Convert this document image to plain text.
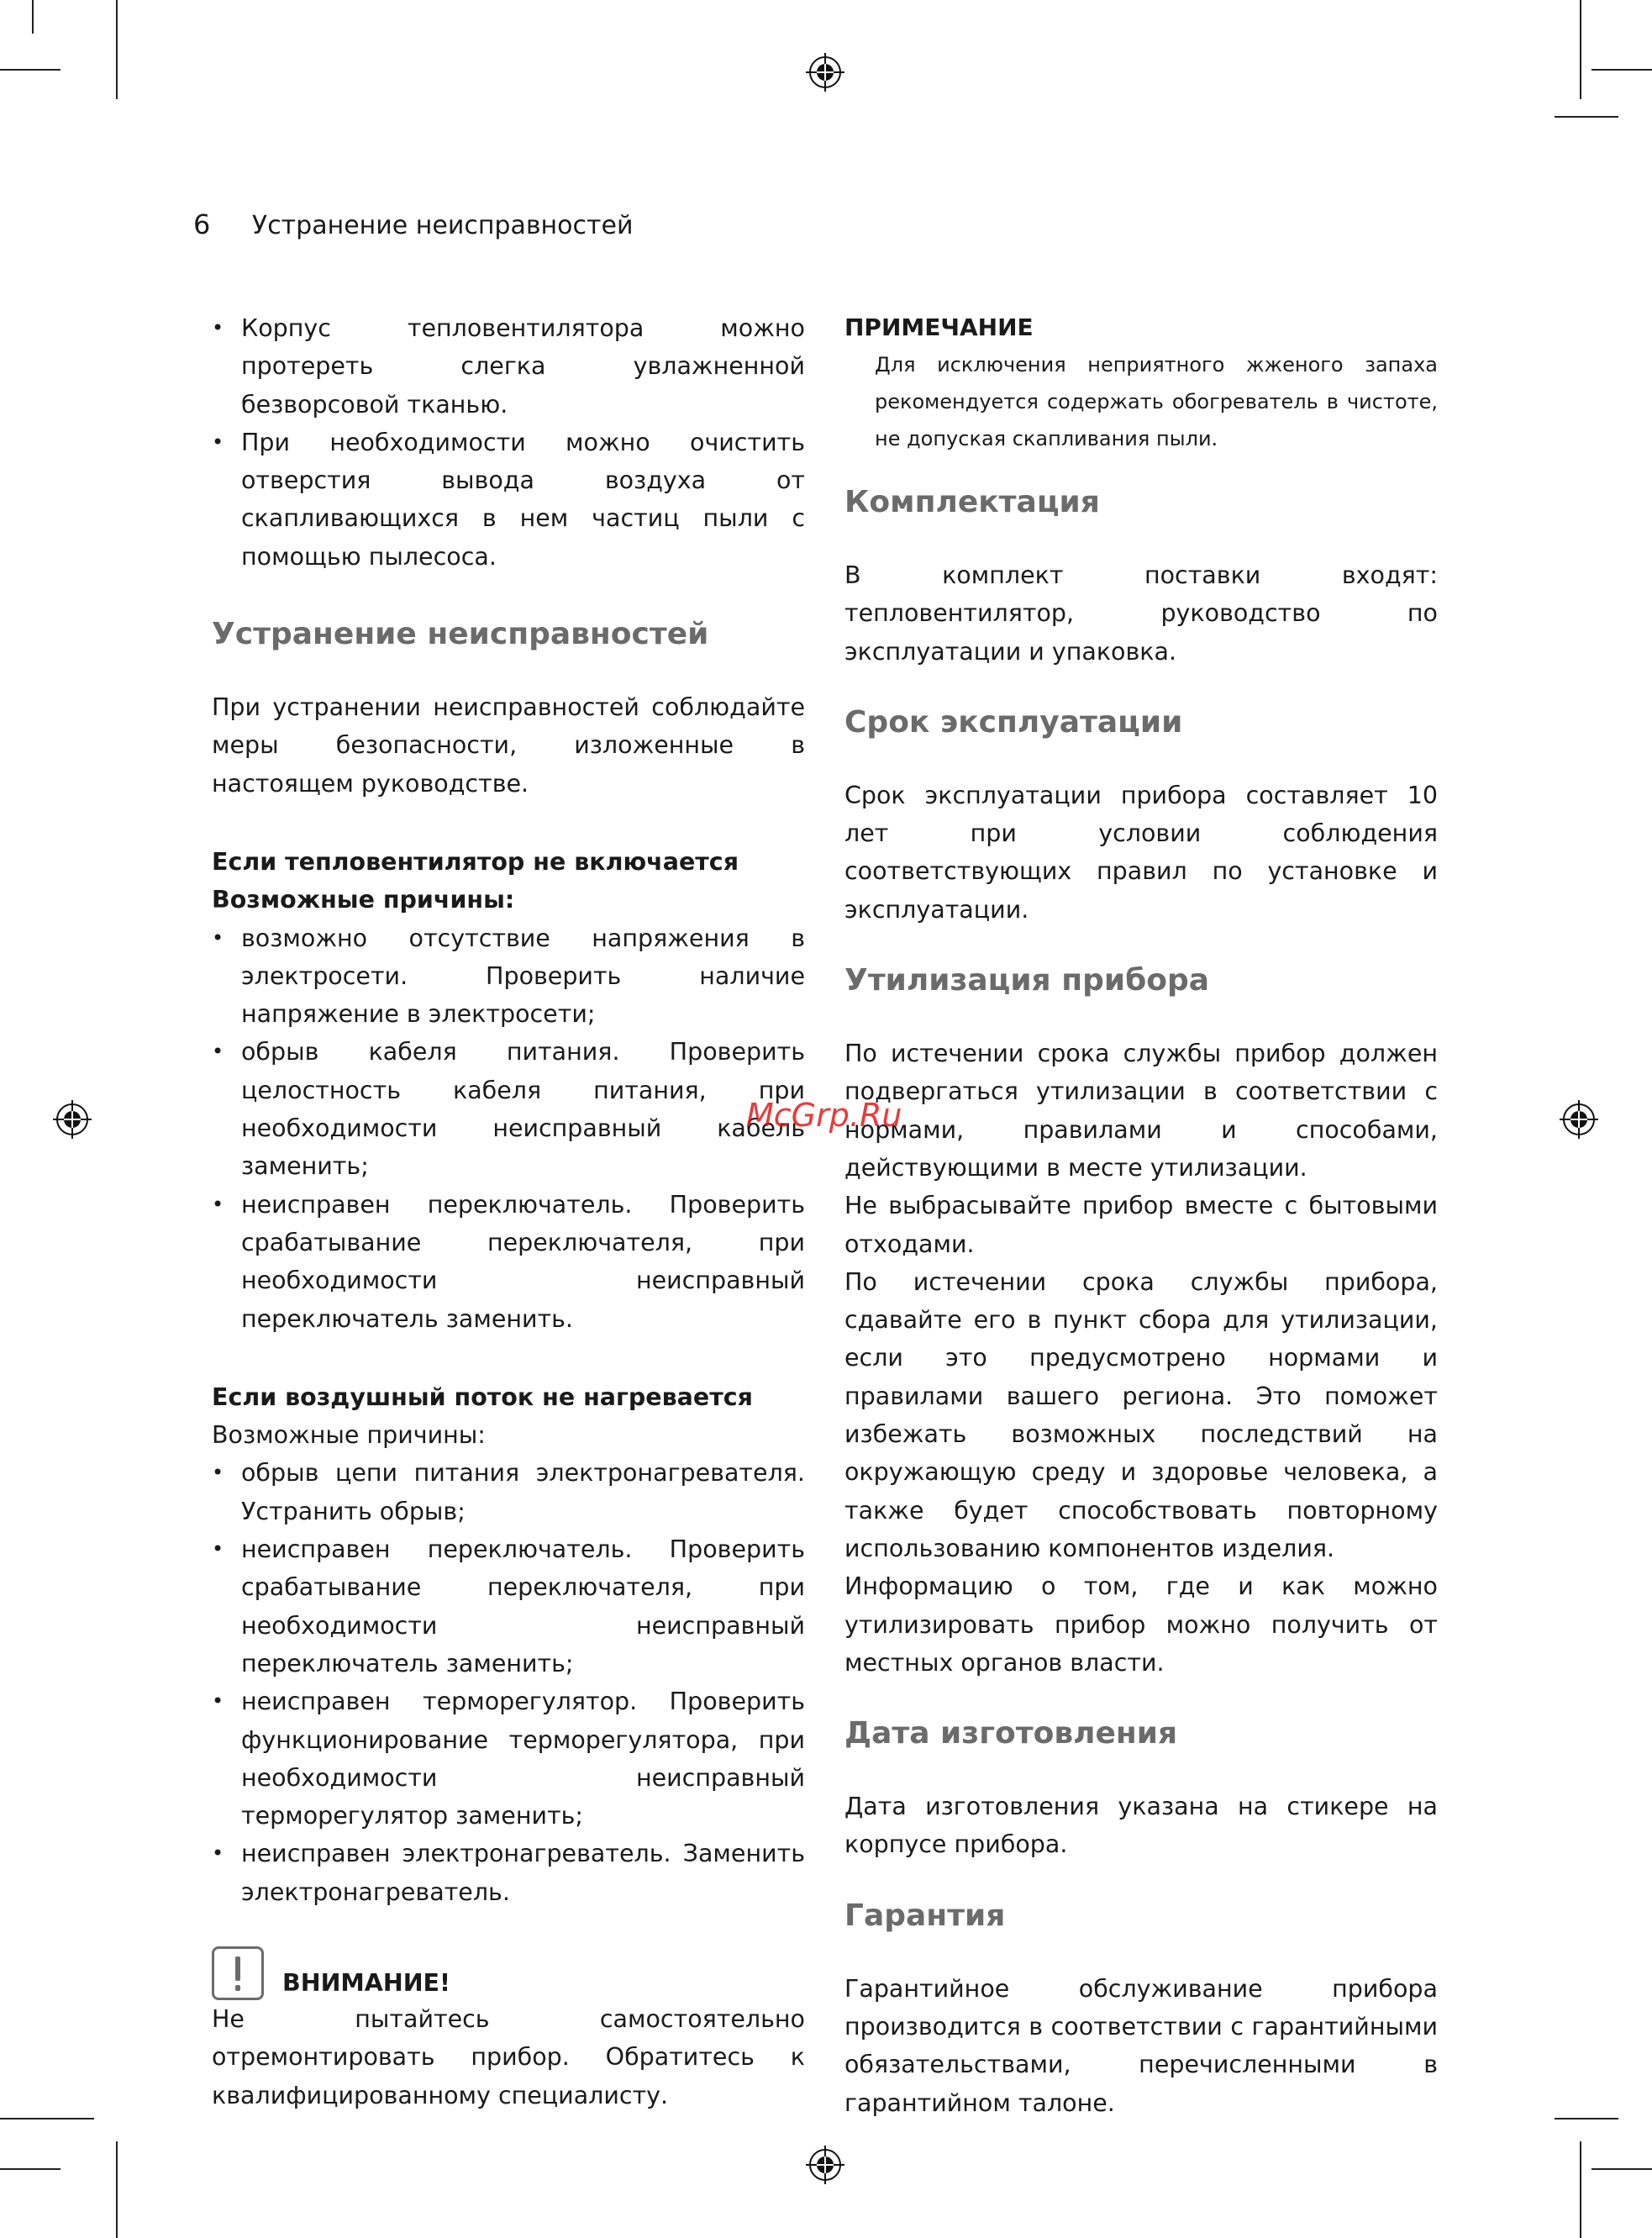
6 Устранение неисправностей
• Корпус тепловентилятора можно протереть слегка увлажненной безворсовой тканью.
• При необходимости можно очистить отверстия вывода воздуха от скапливающихся в нем частиц пыли с помощью пылесоса.
Устранение неисправностей

При устранении неисправностей соблюдайте меры безопасности, изложенные в настоящем руководстве.

Если тепловентилятор не включается

Возможные причины:

• возможно отсутствие напряжения в электросети. Проверить наличие напряжение в электросети;
• обрыв кабеля питания. Проверить целостность кабеля питания, при необходимости неисправный кабель заменить;
• неисправен переключатель. Проверить срабатывание переключателя, при необходимости неисправный переключатель заменить.

Если воздушный поток не нагревается

Возможные причины:

• обрыв цепи питания электронагревателя. Устранить обрыв;
• неисправен переключатель. Проверить срабатывание переключателя, при необходимости неисправный переключатель заменить;
• неисправен терморегулятор. Проверить функционирование терморегулятора, при необходимости неисправный терморегулятор заменить;
• неисправен электронагреватель. Заменить электронагреватель.
ВНИМАНИЕ!

Не пытайтесь самостоятельно отремонтировать прибор. Обратитесь к квалифицированному специалисту.

ПРИМЕЧАНИЕ

Для исключения неприятного жженого запаха рекомендуется содержать обогреватель в чистоте, не допуская скапливания пыли.

Комплектация

В комплект поставки входят: тепловентилятор, руководство по эксплуатации и упаковка.

Срок эксплуатации

Срок эксплуатации прибора составляет 10 лет при условии соблюдения соответствующих правил по установке и эксплуатации.

Утилизация прибора

По истечении срока службы прибор должен подвергаться утилизации в соответствии с нормами, правилами и способами, действующими в месте утилизации.

Не выбрасывайте прибор вместе с бытовыми отходами.

По истечении срока службы прибора, сдавайте его в пункт сбора для утилизации, если это предусмотрено нормами и правилами вашего региона. Это поможет избежать возможных последствий на окружающую среду и здоровье человека, а также будет способствовать повторному использованию компонентов изделия.

Информацию о том, где и как можно утилизировать прибор можно получить от местных органов власти.

Дата изготовления

Дата изготовления указана на стикере на корпусе прибора.

Гарантия

Гарантийное обслуживание прибора производится в соответствии с гарантийными обязательствами, перечисленными в гарантийном талоне.

McGrp.Ru
